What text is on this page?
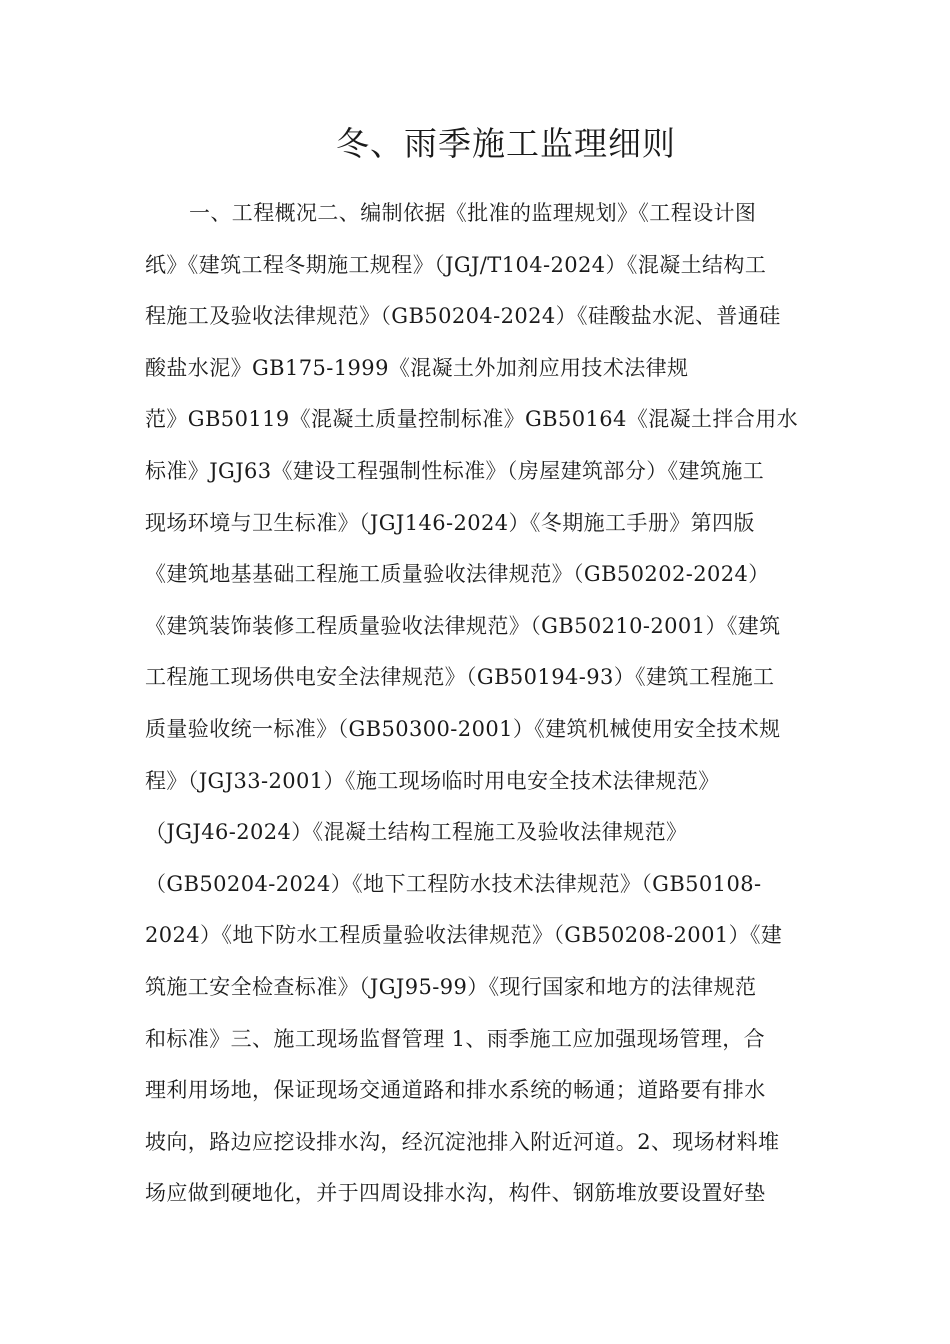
冬、雨季施工监理细则
一、工程概况二、编制依据《批准的监理规划》《工程设计图
纸》《建筑工程冬期施工规程》（JGJ/T104-2024）《混凝土结构工
程施工及验收法律规范》（GB50204-2024）《硅酸盐水泥、普通硅
酸盐水泥》GB175-1999《混凝土外加剂应用技术法律规
范》GB50119《混凝土质量控制标准》GB50164《混凝土拌合用水
标准》JGJ63《建设工程强制性标准》（房屋建筑部分）《建筑施工
现场环境与卫生标准》（JGJ146-2024）《冬期施工手册》第四版
《建筑地基基础工程施工质量验收法律规范》（GB50202-2024）
《建筑装饰装修工程质量验收法律规范》（GB50210-2001）《建筑
工程施工现场供电安全法律规范》（GB50194-93）《建筑工程施工
质量验收统一标准》（GB50300-2001）《建筑机械使用安全技术规
程》（JGJ33-2001）《施工现场临时用电安全技术法律规范》
（JGJ46-2024）《混凝土结构工程施工及验收法律规范》
（GB50204-2024）《地下工程防水技术法律规范》（GB50108-
2024）《地下防水工程质量验收法律规范》（GB50208-2001）《建
筑施工安全检查标准》（JGJ95-99）《现行国家和地方的法律规范
和标准》三、施工现场监督管理 1、雨季施工应加强现场管理，合
理利用场地，保证现场交通道路和排水系统的畅通；道路要有排水
坡向，路边应挖设排水沟，经沉淀池排入附近河道。2、现场材料堆
场应做到硬地化，并于四周设排水沟，构件、钢筋堆放要设置好垫
